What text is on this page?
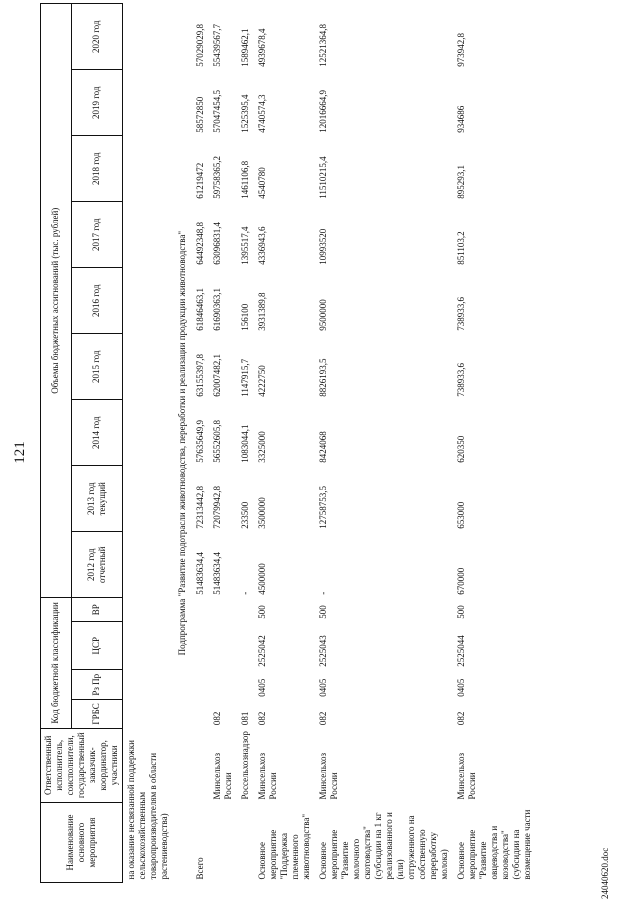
121
24040620.doc
Наименование основного мероприятия	Ответственный исполнитель, соисполнители, государственный заказчик-координатор, участники	Код бюджетной классификации				Объемы бюджетных ассигнований (тыс. рублей)								
		ГРБС	Рз Пр	ЦСР	ВР	2012 год отчетный	2013 год текущий	2014 год	2015 год	2016 год	2017 год	2018 год	2019 год	2020 год
на оказание несвязанной поддержки сельскохозяйственным товаропроизводителям в области растениеводства)														
Подпрограмма "Развитие подотрасли животноводства, переработки и реализации продукции животноводства"														
Всего						51483634,4	72313442,8	57635649,9	63155397,8	61846463,1	64492348,8	61219472	58572850	57029029,8
	Минсельхоз России	082				51483634,4	72079942,8	56552605,8	62007482,1	61690363,1	63096831,4	59758365,2	57047454,5	55439567,7
	Россельхознадзор	081				-	233500	1083044,1	1147915,7	156100	1395517,4	1461106,8	1525395,4	1589462,1
Основное мероприятие "Поддержка племенного животноводства"	Минсельхоз России	082	0405	2525042	500	4500000	3500000	3325000	4222750	3931389,8	4336943,6	4540780	4740574,3	4939678,4
Основное мероприятие "Развитие молочного скотоводства" (субсидии на 1 кг реализованного и (или) отгруженного на собственную переработку молока)	Минсельхоз России	082	0405	2525043	500	-	12758753,5	8424068	8826193,5	9500000	10993520	11510215,4	12016664,9	12521364,8
Основное мероприятие "Развитие овцеводства и козоводства" (субсидии на возмещение части	Минсельхоз России	082	0405	2525044	500	670000	653000	620350	738933,6	738933,6	851103,2	895293,1	934686	973942,8
